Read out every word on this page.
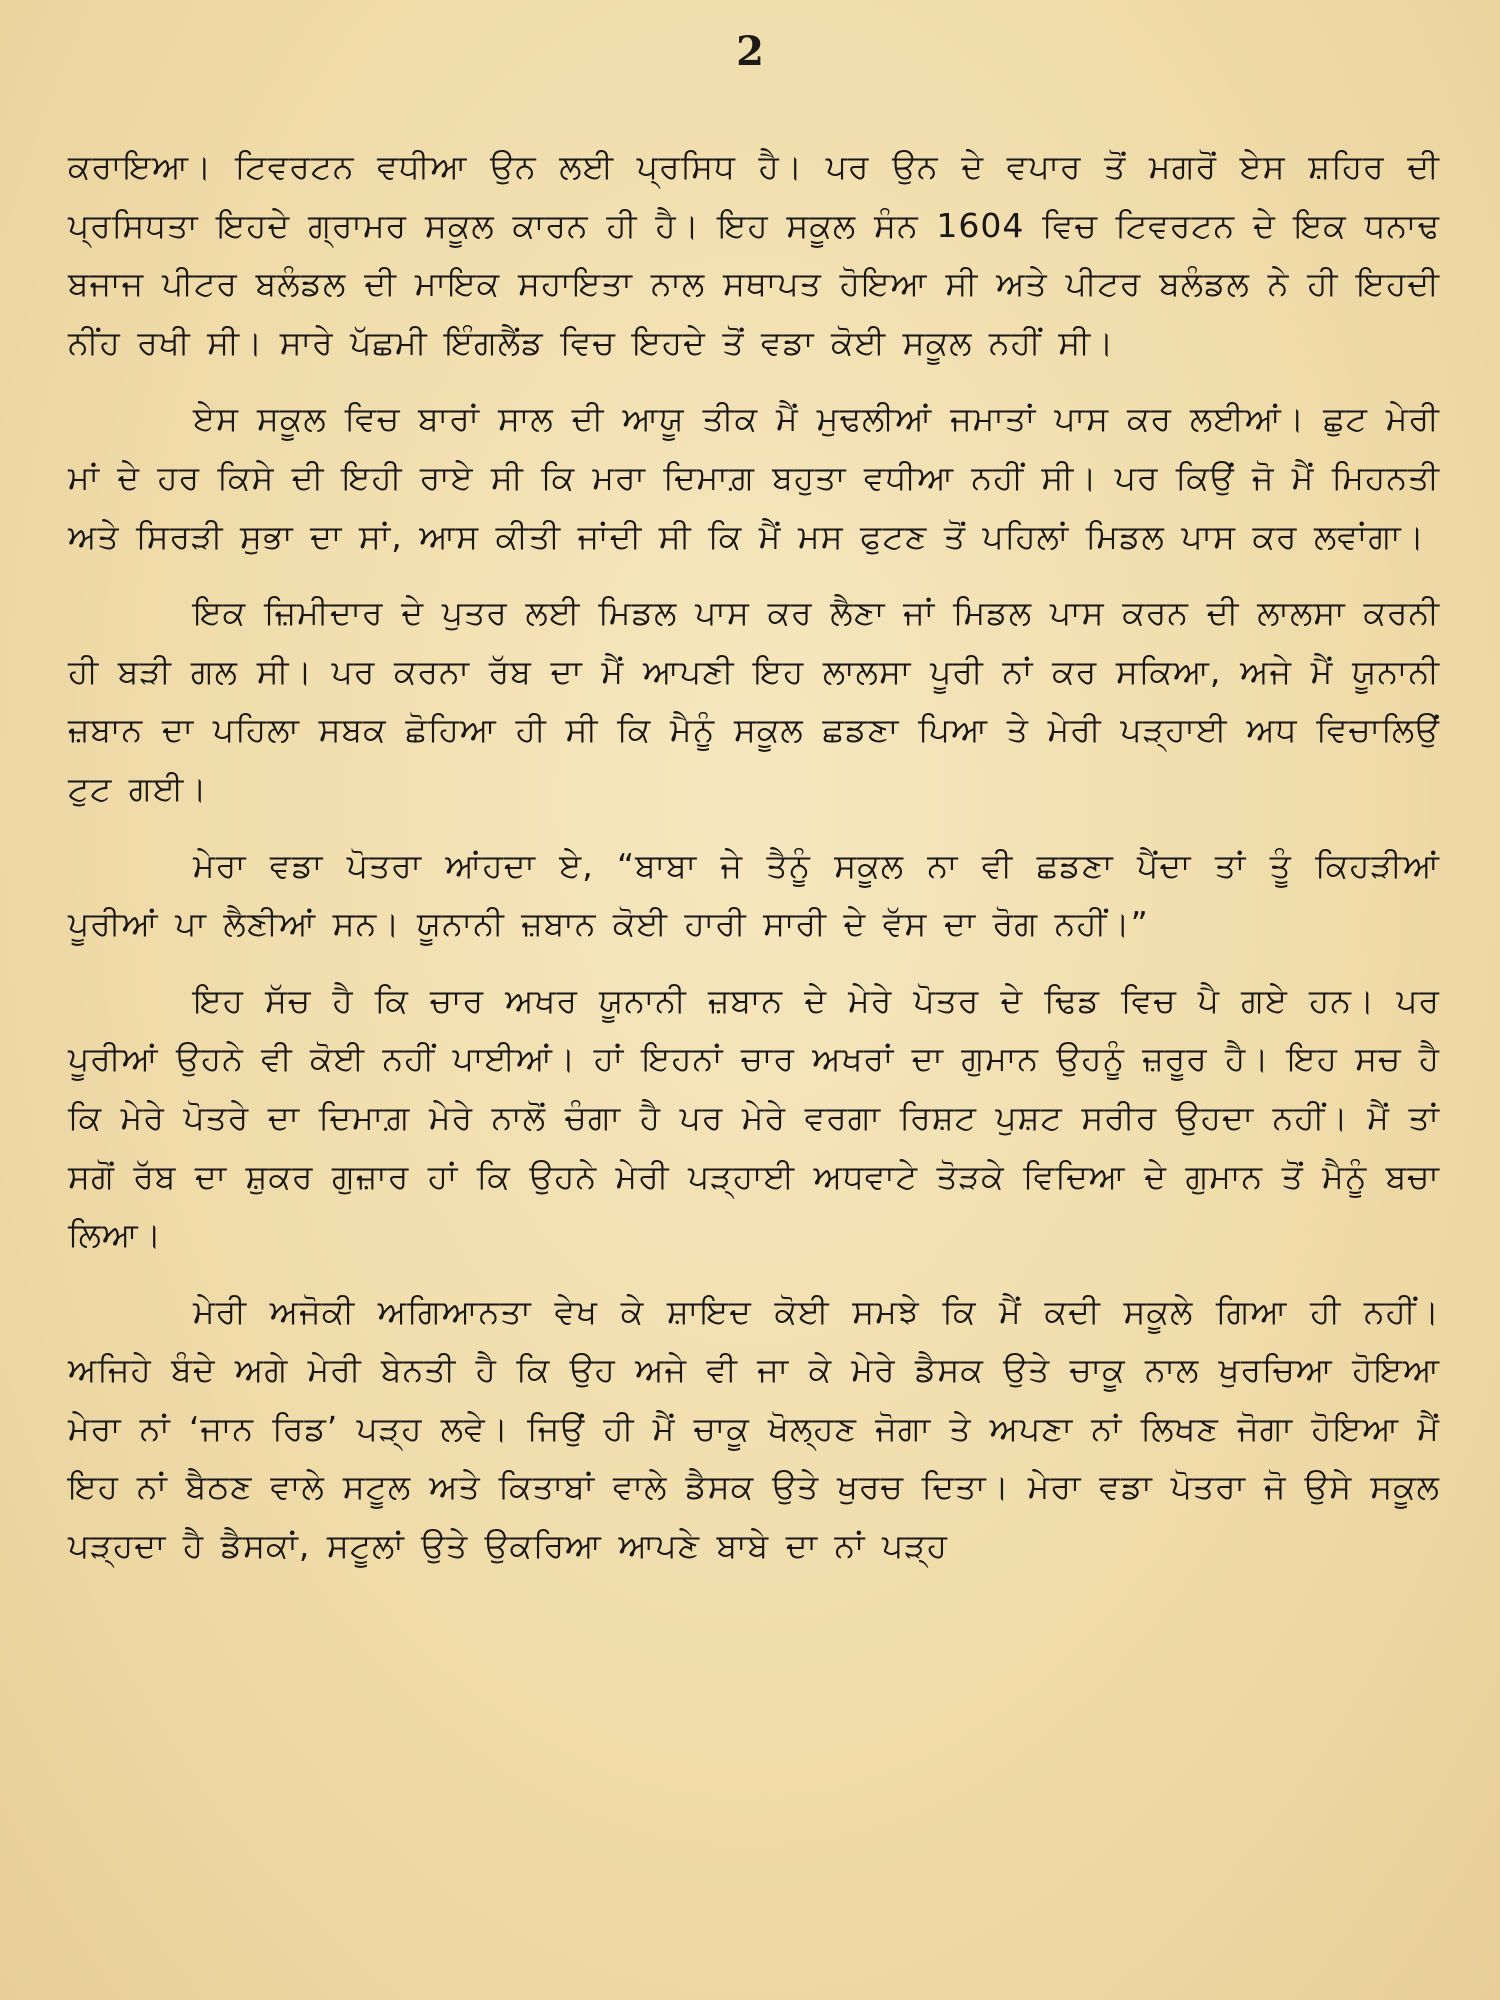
2

ਕਰਾਇਆ। ਟਿਵਰਟਨ ਵਧੀਆ ਉਨ ਲਈ ਪ੍ਰਸਿਧ ਹੈ। ਪਰ ਉਨ ਦੇ ਵਪਾਰ ਤੋਂ ਮਗਰੋਂ ਏਸ ਸ਼ਹਿਰ ਦੀ ਪ੍ਰਸਿਧਤਾ ਇਹਦੇ ਗ੍ਰਾਮਰ ਸਕੂਲ ਕਾਰਨ ਹੀ ਹੈ। ਇਹ ਸਕੂਲ ਸੰਨ 1604 ਵਿਚ ਟਿਵਰਟਨ ਦੇ ਇਕ ਧਨਾਢ ਬਜਾਜ ਪੀਟਰ ਬਲੰਡਲ ਦੀ ਮਾਇਕ ਸਹਾਇਤਾ ਨਾਲ ਸਥਾਪਤ ਹੋਇਆ ਸੀ ਅਤੇ ਪੀਟਰ ਬਲੰਡਲ ਨੇ ਹੀ ਇਹਦੀ ਨੀਂਹ ਰਖੀ ਸੀ। ਸਾਰੇ ਪੱਛਮੀ ਇੰਗਲੈਂਡ ਵਿਚ ਇਹਦੇ ਤੋਂ ਵਡਾ ਕੋਈ ਸਕੂਲ ਨਹੀਂ ਸੀ।

ਏਸ ਸਕੂਲ ਵਿਚ ਬਾਰਾਂ ਸਾਲ ਦੀ ਆਯੂ ਤੀਕ ਮੈਂ ਮੁਢਲੀਆਂ ਜਮਾਤਾਂ ਪਾਸ ਕਰ ਲਈਆਂ। ਛੁਟ ਮੇਰੀ ਮਾਂ ਦੇ ਹਰ ਕਿਸੇ ਦੀ ਇਹੀ ਰਾਏ ਸੀ ਕਿ ਮਰਾ ਦਿਮਾਗ਼ ਬਹੁਤਾ ਵਧੀਆ ਨਹੀਂ ਸੀ। ਪਰ ਕਿਉਂ ਜੋ ਮੈਂ ਮਿਹਨਤੀ ਅਤੇ ਸਿਰੜੀ ਸੁਭਾ ਦਾ ਸਾਂ, ਆਸ ਕੀਤੀ ਜਾਂਦੀ ਸੀ ਕਿ ਮੈਂ ਮਸ ਫੁਟਣ ਤੋਂ ਪਹਿਲਾਂ ਮਿਡਲ ਪਾਸ ਕਰ ਲਵਾਂਗਾ।

ਇਕ ਜ਼ਿਮੀਦਾਰ ਦੇ ਪੁਤਰ ਲਈ ਮਿਡਲ ਪਾਸ ਕਰ ਲੈਣਾ ਜਾਂ ਮਿਡਲ ਪਾਸ ਕਰਨ ਦੀ ਲਾਲਸਾ ਕਰਨੀ ਹੀ ਬੜੀ ਗਲ ਸੀ। ਪਰ ਕਰਨਾ ਰੱਬ ਦਾ ਮੈਂ ਆਪਣੀ ਇਹ ਲਾਲਸਾ ਪੂਰੀ ਨਾਂ ਕਰ ਸਕਿਆ, ਅਜੇ ਮੈਂ ਯੂਨਾਨੀ ਜ਼ਬਾਨ ਦਾ ਪਹਿਲਾ ਸਬਕ ਛੋਹਿਆ ਹੀ ਸੀ ਕਿ ਮੈਨੂੰ ਸਕੂਲ ਛਡਣਾ ਪਿਆ ਤੇ ਮੇਰੀ ਪੜ੍ਹਾਈ ਅਧ ਵਿਚਾਲਿਉਂ ਟੁਟ ਗਈ।

ਮੇਰਾ ਵਡਾ ਪੋਤਰਾ ਆਂਹਦਾ ਏ, “ਬਾਬਾ ਜੇ ਤੈਨੂੰ ਸਕੂਲ ਨਾ ਵੀ ਛਡਣਾ ਪੈਂਦਾ ਤਾਂ ਤੂੰ ਕਿਹੜੀਆਂ ਪੂਰੀਆਂ ਪਾ ਲੈਣੀਆਂ ਸਨ। ਯੂਨਾਨੀ ਜ਼ਬਾਨ ਕੋਈ ਹਾਰੀ ਸਾਰੀ ਦੇ ਵੱਸ ਦਾ ਰੋਗ ਨਹੀਂ।”

ਇਹ ਸੱਚ ਹੈ ਕਿ ਚਾਰ ਅਖਰ ਯੂਨਾਨੀ ਜ਼ਬਾਨ ਦੇ ਮੇਰੇ ਪੋਤਰ ਦੇ ਢਿਡ ਵਿਚ ਪੈ ਗਏ ਹਨ। ਪਰ ਪੂਰੀਆਂ ਉਹਨੇ ਵੀ ਕੋਈ ਨਹੀਂ ਪਾਈਆਂ। ਹਾਂ ਇਹਨਾਂ ਚਾਰ ਅਖਰਾਂ ਦਾ ਗੁਮਾਨ ਉਹਨੂੰ ਜ਼ਰੂਰ ਹੈ। ਇਹ ਸਚ ਹੈ ਕਿ ਮੇਰੇ ਪੋਤਰੇ ਦਾ ਦਿਮਾਗ਼ ਮੇਰੇ ਨਾਲੋਂ ਚੰਗਾ ਹੈ ਪਰ ਮੇਰੇ ਵਰਗਾ ਰਿਸ਼ਟ ਪੁਸ਼ਟ ਸਰੀਰ ਉਹਦਾ ਨਹੀਂ। ਮੈਂ ਤਾਂ ਸਗੋਂ ਰੱਬ ਦਾ ਸ਼ੁਕਰ ਗੁਜ਼ਾਰ ਹਾਂ ਕਿ ਉਹਨੇ ਮੇਰੀ ਪੜ੍ਹਾਈ ਅਧਵਾਟੇ ਤੋੜਕੇ ਵਿਦਿਆ ਦੇ ਗੁਮਾਨ ਤੋਂ ਮੈਨੂੰ ਬਚਾ ਲਿਆ।

ਮੇਰੀ ਅਜੋਕੀ ਅਗਿਆਨਤਾ ਵੇਖ ਕੇ ਸ਼ਾਇਦ ਕੋਈ ਸਮਝੇ ਕਿ ਮੈਂ ਕਦੀ ਸਕੂਲੇ ਗਿਆ ਹੀ ਨਹੀਂ। ਅਜਿਹੇ ਬੰਦੇ ਅਗੇ ਮੇਰੀ ਬੇਨਤੀ ਹੈ ਕਿ ਉਹ ਅਜੇ ਵੀ ਜਾ ਕੇ ਮੇਰੇ ਡੈਸਕ ਉਤੇ ਚਾਕੂ ਨਾਲ ਖੁਰਚਿਆ ਹੋਇਆ ਮੇਰਾ ਨਾਂ ‘ਜਾਨ ਰਿਡ’ ਪੜ੍ਹ ਲਵੇ। ਜਿਉਂ ਹੀ ਮੈਂ ਚਾਕੂ ਖੋਲ੍ਹਣ ਜੋਗਾ ਤੇ ਅਪਣਾ ਨਾਂ ਲਿਖਣ ਜੋਗਾ ਹੋਇਆ ਮੈਂ ਇਹ ਨਾਂ ਬੈਠਣ ਵਾਲੇ ਸਟੂਲ ਅਤੇ ਕਿਤਾਬਾਂ ਵਾਲੇ ਡੈਸਕ ਉਤੇ ਖੁਰਚ ਦਿਤਾ। ਮੇਰਾ ਵਡਾ ਪੋਤਰਾ ਜੋ ਉਸੇ ਸਕੂਲ ਪੜ੍ਹਦਾ ਹੈ ਡੈਸਕਾਂ, ਸਟੂਲਾਂ ਉਤੇ ਉਕਰਿਆ ਆਪਣੇ ਬਾਬੇ ਦਾ ਨਾਂ ਪੜ੍ਹ
